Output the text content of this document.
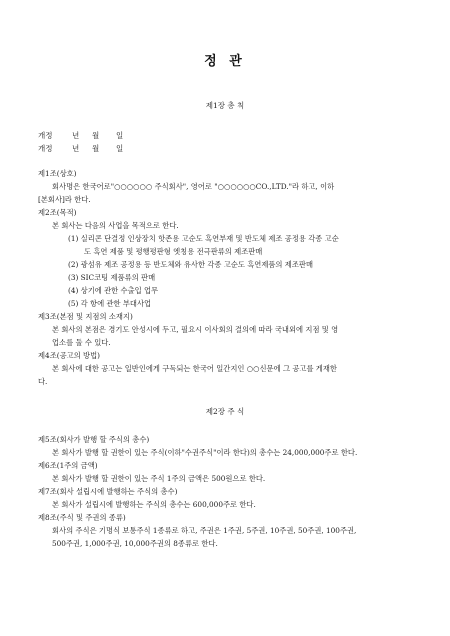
정 관
제1장 총 칙
개정	년 월 일
개정	년 월 일
제1조(상호)
회사명은 한국어로"○○○○○○ 주식회사", 영어로 "○○○○○○CO.,LTD."라 하고, 이하
[본회사]라 한다.
제2조(목적)
본 회사는 다음의 사업을 목적으로 한다.
(1) 실리콘 단결정 인상장치 핫존용 고순도 흑연부재 및 반도체 제조 공정용 각종 고순
도 흑연 제품 및 평행평판형 엣칭용 전극판류의 제조판매
(2) 광섬유 제조 공정용 등 반도체와 유사한 각종 고순도 흑연제품의 제조판매
(3) SIC코팅 제품류의 판매
(4) 상기에 관한 수출입 업무
(5) 각 항에 관한 부대사업
제3조(본점 및 지점의 소재지)
본 회사의 본점은 경기도 안성시에 두고, 필요시 이사회의 결의에 따라 국내외에 지점 및 영
업소를 둘 수 있다.
제4조(공고의 방법)
본 회사에 대한 공고는 일반인에게 구독되는 한국어 일간지인 ○○신문에 그 공고를 게재한
다.
제2장 주 식
제5조(회사가 발행 할 주식의 총수)
본 회사가 발행 할 권한이 있는 주식(이하"수권주식"이라 한다)의 총수는 24,000,000주로 한다.
제6조(1주의 금액)
본 회사가 발행 할 권한이 있는 주식 1주의 금액은 500원으로 한다.
제7조(회사 설립시에 발행하는 주식의 총수)
본 회사가 설립시에 발행하는 주식의 총수는 600,000주로 한다.
제8조(주식 및 주권의 종류)
회사의 주식은 기명식 보통주식 1종류로 하고, 주권은 1주권, 5주권, 10주권, 50주권, 100주권,
500주권, 1,000주권, 10,000주권의 8종류로 한다.
